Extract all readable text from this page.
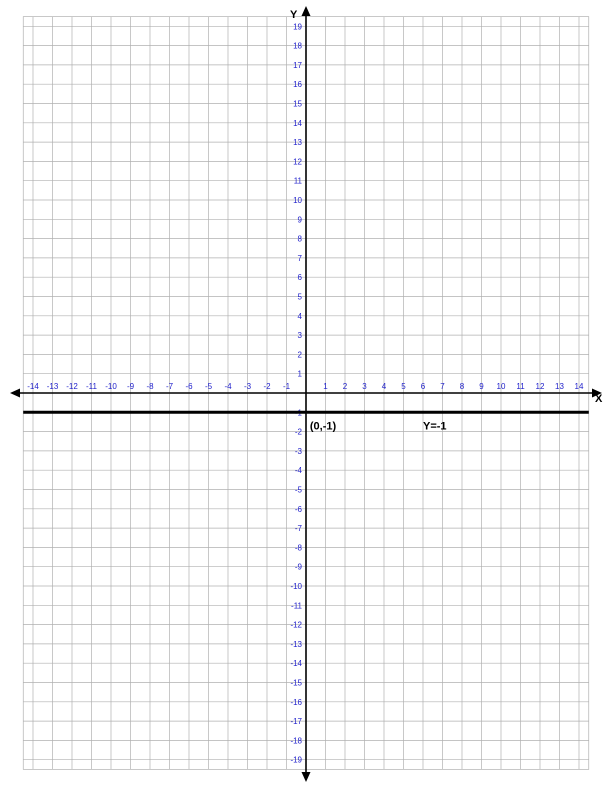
-14 -13 -12 -11 -10 -9 -8 -7 -6 -5 -4 -3 -2 -1	1 2 3 4 5 6 7 8 9 10 11 12 13 14
19
18
17
16
15
14
13
12
11
10
9
8
7
6
5
4
3
2
1
-1
-2
-3
-4
-5
-6
-7
-8
-9
-10
-11
-12
-13
-14
-15
-16
-17
-18
-19
(0,-1)	Y=-1
X
Y
